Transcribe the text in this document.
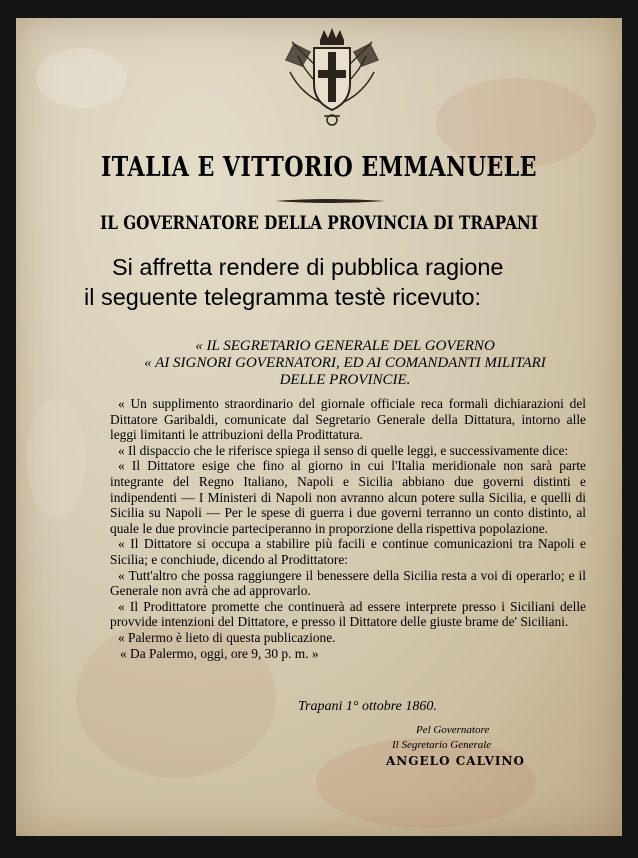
ITALIA E VITTORIO EMMANUELE
IL GOVERNATORE DELLA PROVINCIA DI TRAPANI
Si affretta rendere di pubblica ragione
il seguente telegramma testè ricevuto:
« IL SEGRETARIO GENERALE DEL GOVERNO
« AI SIGNORI GOVERNATORI, ED AI COMANDANTI MILITARI
DELLE PROVINCIE.

« Un supplimento straordinario del giornale officiale reca formali dichiarazioni del Dittatore Garibaldi, comunicate dal Segretario Generale della Dittatura, intorno alle leggi limitanti le attribuzioni della Prodittatura.

« Il dispaccio che le riferisce spiega il senso di quelle leggi, e successivamente dice:

« Il Dittatore esige che fino al giorno in cui l'Italia meridionale non sarà parte integrante del Regno Italiano, Napoli e Sicilia abbiano due governi distinti e indipendenti — I Ministeri di Napoli non avranno alcun potere sulla Sicilia, e quelli di Sicilia su Napoli — Per le spese di guerra i due governi terranno un conto distinto, al quale le due provincie parteciperanno in proporzione della rispettiva popolazione.

« Il Dittatore si occupa a stabilire più facili e continue comunicazioni tra Napoli e Sicilia; e conchiude, dicendo al Prodittatore:

« Tutt'altro che possa raggiungere il benessere della Sicilia resta a voi di operarlo; e il Generale non avrà che ad approvarlo.

« Il Prodittatore promette che continuerà ad essere interprete presso i Siciliani delle provvide intenzioni del Dittatore, e presso il Dittatore delle giuste brame de' Siciliani.

« Palermo è lieto di questa publicazione.

« Da Palermo, oggi, ore 9, 30 p. m. »

Trapani 1° ottobre 1860.
Pel Governatore
Il Segretario Generale
ANGELO CALVINO
